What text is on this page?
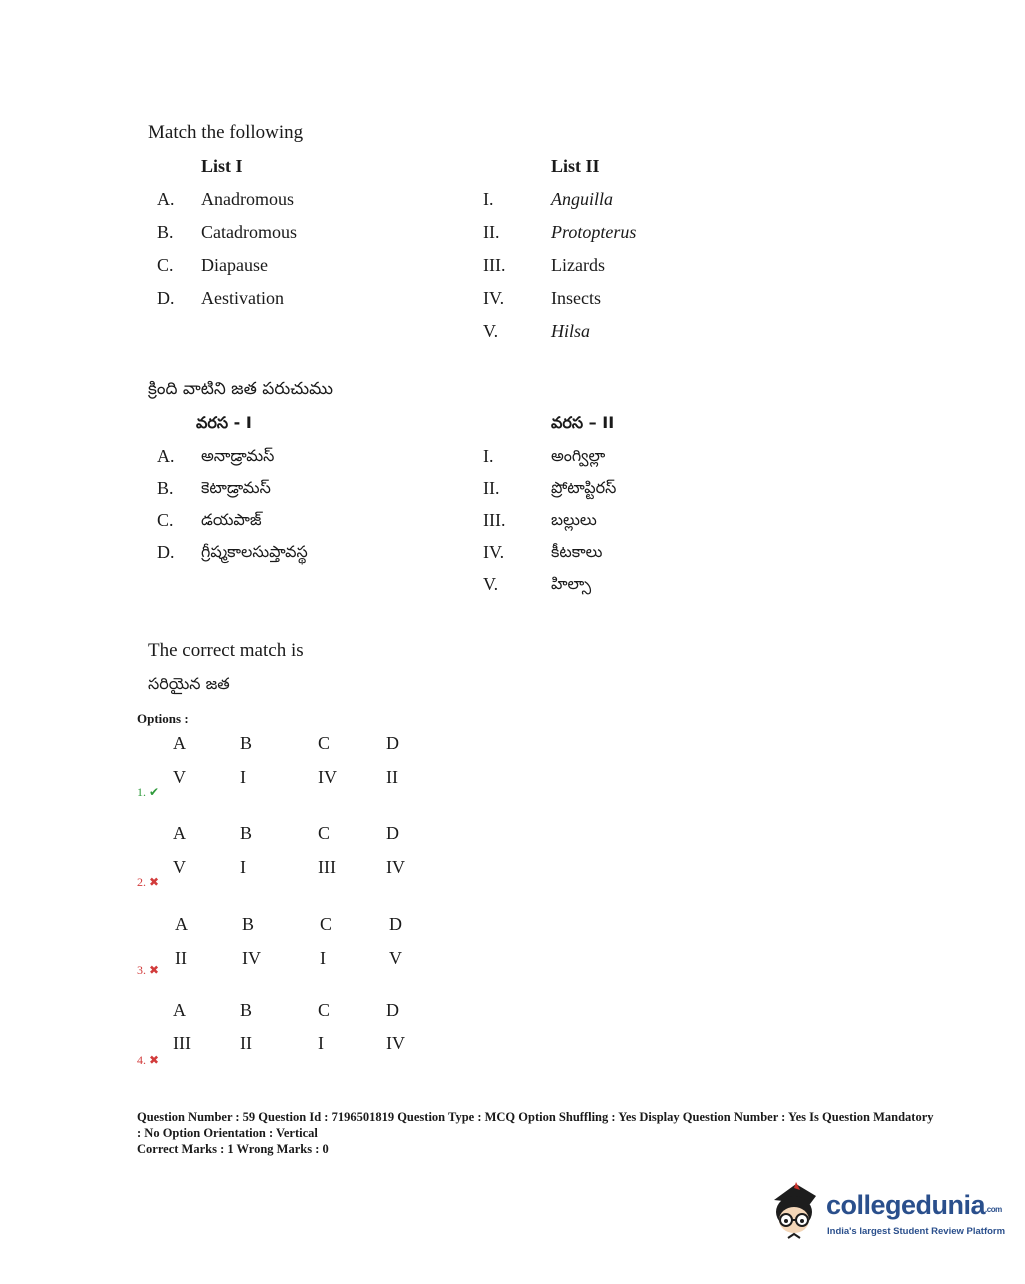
Match the following
List I	List II
A. Anadromous
B. Catadromous
C. Diapause
D. Aestivation
I.	Anguilla
II.	Protopterus
III.	Lizards
IV.	Insects
V.	Hilsa
క్రింది వాటిని జత పరుచుము
వరస - I	వరస – II
A. అనాడ్రామస్
B. కెటాడ్రామస్
C. డయపాజ్
D. గ్రీష్మకాలసుప్తావస్థ
I.	అంగ్విల్లా
II.	ప్రోటాప్టిరస్
III.	బల్లులు
IV.	కీటకాలు
V.	హిల్సా
The correct match is
సరియైన జత
Options :
A	B	C	D
V	I	IV	II
1. ✔
A	B	C	D
V	I	III	IV
2. ✖
A	B	C	D
II	IV	I	V
3. ✖
A	B	C	D
III	II	I	IV
4. ✖
Question Number : 59 Question Id : 7196501819 Question Type : MCQ Option Shuffling : Yes Display Question Number : Yes Is Question Mandatory : No Option Orientation : Vertical
Correct Marks : 1 Wrong Marks : 0
collegedunia.com
India's largest Student Review Platform
